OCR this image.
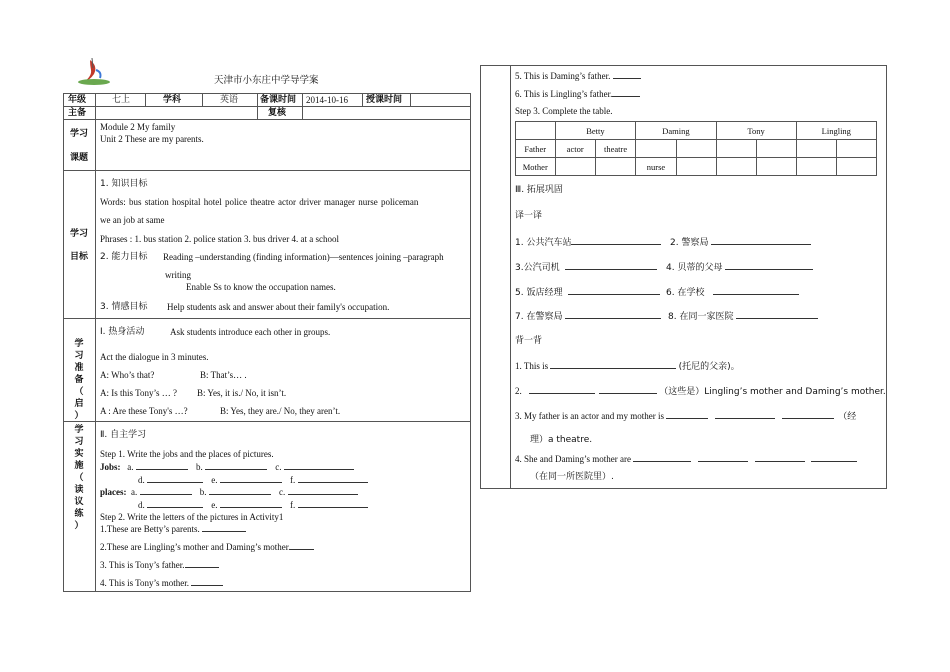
天津市小东庄中学导学案
年级	七上	学科	英语 备课时间 2014-10-16 授课时间
主备	复核
学习
课题
Module 2 My family
Unit 2 These are my parents.
学习
目标
1. 知识目标
Words: bus station hospital hotel police theatre actor driver manager nurse policeman
we an job at same
Phrases : 1. bus station 2. police station 3. bus driver 4. at a school
2. 能力目标 Reading –understanding (finding information)—sentences joining –paragraph
writing
Enable Ss to know the occupation names.
3. 情感目标 Help students ask and answer about their family's occupation.
学
习
准
备
（
启
）
Ⅰ. 热身活动	Ask students introduce each other in groups.
Act the dialogue in 3 minutes.
A: Who’s that?	B: That’s… .
A: Is this Tony’s … ? B: Yes, it is./ No, it isn’t.
A : Are these Tony's …?	B: Yes, they are./ No, they aren’t.
学
习
实
施
（
读
议
练
）
Ⅱ. 自主学习
Step 1. Write the jobs and the places of pictures.
Jobs: a.	b.	c.
d.	e.	f.
places: a.	b.	c.
d.	e.	f.
Step 2. Write the letters of the pictures in Activity1
1.These are Betty’s parents.
2.These are Lingling’s mother and Daming’s mother.
3. This is Tony’s father.
4. This is Tony’s mother.
5. This is Daming’s father.
6. This is Lingling’s father.
Step 3. Complete the table.
	Betty		Daming		Tony		Lingling	
Father	actor	theatre						
Mother			nurse					
Ⅲ. 拓展巩固
译一译
1. 公共汽车站	2. 警察局
3.公汽司机	4. 贝蒂的父母
5. 饭店经理	6. 在学校
7. 在警察局	8. 在同一家医院
背一背
1. This is	(托尼的父亲)。
2.	（这些是）Lingling’s mother and Daming’s mother.
3. My father is an actor and my mother is	（经
理）a theatre.
4. She and Daming’s mother are
（在同一所医院里）.
